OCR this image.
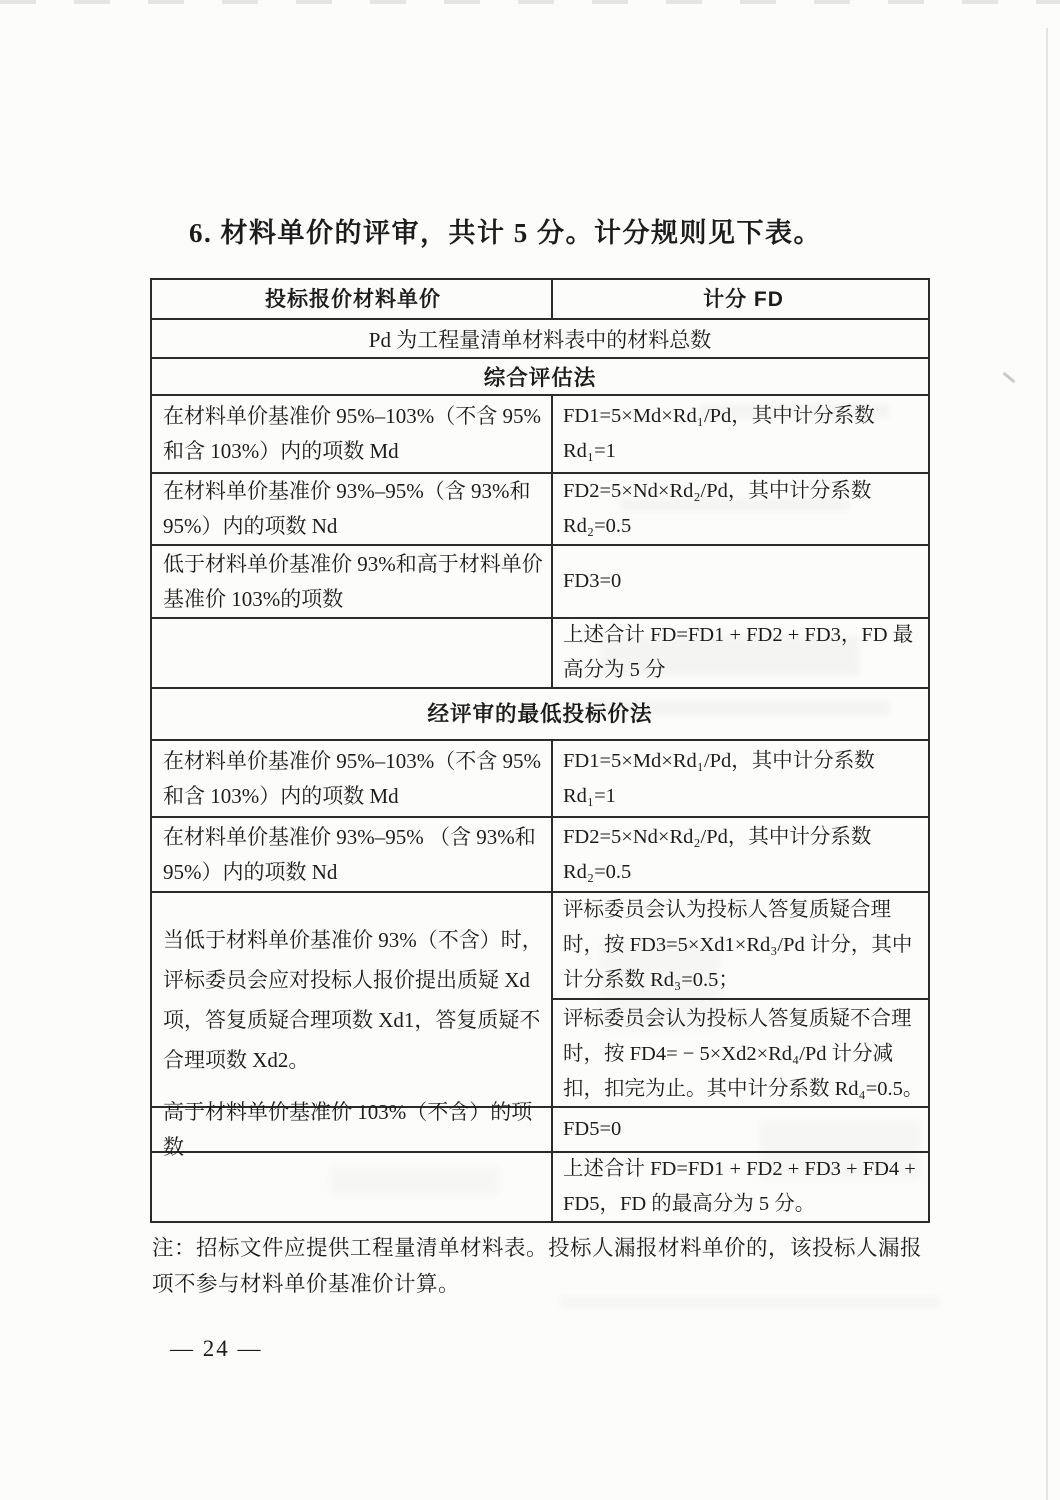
6. 材料单价的评审，共计 5 分。计分规则见下表。
投标报价材料单价	计分 FD
Pd 为工程量清单材料表中的材料总数
综合评估法
在材料单价基准价 95%–103%（不含 95%和含 103%）内的项数 Md
FD1=5×Md×Rd₁/Pd，其中计分系数 Rd₁=1
在材料单价基准价 93%–95%（含 93%和 95%）内的项数 Nd
FD2=5×Nd×Rd₂/Pd，其中计分系数 Rd₂=0.5
低于材料单价基准价 93%和高于材料单价基准价 103%的项数
FD3=0
上述合计 FD=FD1 + FD2 + FD3，FD 最高分为 5 分
经评审的最低投标价法
在材料单价基准价 95%–103%（不含 95%和含 103%）内的项数 Md
FD1=5×Md×Rd₁/Pd，其中计分系数 Rd₁=1
在材料单价基准价 93%–95% （含 93%和 95%）内的项数 Nd
FD2=5×Nd×Rd₂/Pd，其中计分系数 Rd₂=0.5
当低于材料单价基准价 93%（不含）时，评标委员会应对投标人报价提出质疑 Xd 项，答复质疑合理项数 Xd1，答复质疑不合理项数 Xd2。
评标委员会认为投标人答复质疑合理时，按 FD3=5×Xd1×Rd₃/Pd 计分，其中计分系数 Rd₃=0.5；
评标委员会认为投标人答复质疑不合理时，按 FD4= − 5×Xd2×Rd₄/Pd 计分减扣，扣完为止。其中计分系数 Rd₄=0.5。
高于材料单价基准价 103%（不含）的项数
FD5=0
上述合计 FD=FD1 + FD2 + FD3 + FD4 + FD5，FD 的最高分为 5 分。
注：招标文件应提供工程量清单材料表。投标人漏报材料单价的，该投标人漏报项不参与材料单价基准价计算。
— 24 —
